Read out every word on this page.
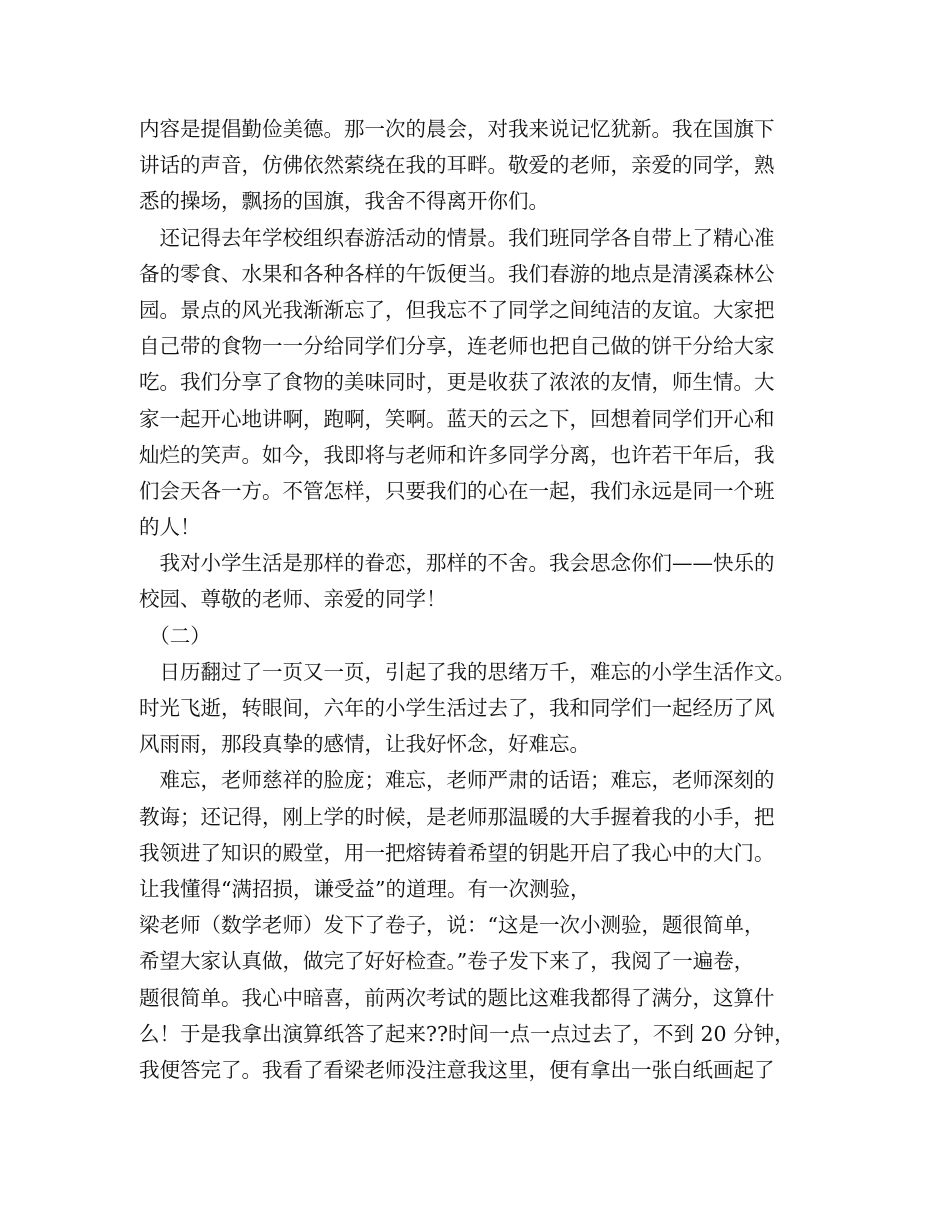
内容是提倡勤俭美德。那一次的晨会，对我来说记忆犹新。我在国旗下
讲话的声音，仿佛依然萦绕在我的耳畔。敬爱的老师，亲爱的同学，熟
悉的操场，飘扬的国旗，我舍不得离开你们。
　还记得去年学校组织春游活动的情景。我们班同学各自带上了精心准
备的零食、水果和各种各样的午饭便当。我们春游的地点是清溪森林公
园。景点的风光我渐渐忘了，但我忘不了同学之间纯洁的友谊。大家把
自己带的食物一一分给同学们分享，连老师也把自己做的饼干分给大家
吃。我们分享了食物的美味同时，更是收获了浓浓的友情，师生情。大
家一起开心地讲啊，跑啊，笑啊。蓝天的云之下，回想着同学们开心和
灿烂的笑声。如今，我即将与老师和许多同学分离，也许若干年后，我
们会天各一方。不管怎样，只要我们的心在一起，我们永远是同一个班
的人！
　我对小学生活是那样的眷恋，那样的不舍。我会思念你们——快乐的
校园、尊敬的老师、亲爱的同学！
　（二）
　日历翻过了一页又一页，引起了我的思绪万千，难忘的小学生活作文。
时光飞逝，转眼间，六年的小学生活过去了，我和同学们一起经历了风
风雨雨，那段真挚的感情，让我好怀念，好难忘。
　难忘，老师慈祥的脸庞；难忘，老师严肃的话语；难忘，老师深刻的
教诲；还记得，刚上学的时候，是老师那温暖的大手握着我的小手，把
我领进了知识的殿堂，用一把熔铸着希望的钥匙开启了我心中的大门。
让我懂得“满招损，谦受益”的道理。有一次测验，
梁老师（数学老师）发下了卷子，说：“这是一次小测验，题很简单，
希望大家认真做，做完了好好检查。”卷子发下来了，我阅了一遍卷，
题很简单。我心中暗喜，前两次考试的题比这难我都得了满分，这算什
么！于是我拿出演算纸答了起来??时间一点一点过去了，不到 20 分钟，
我便答完了。我看了看梁老师没注意我这里，便有拿出一张白纸画起了
